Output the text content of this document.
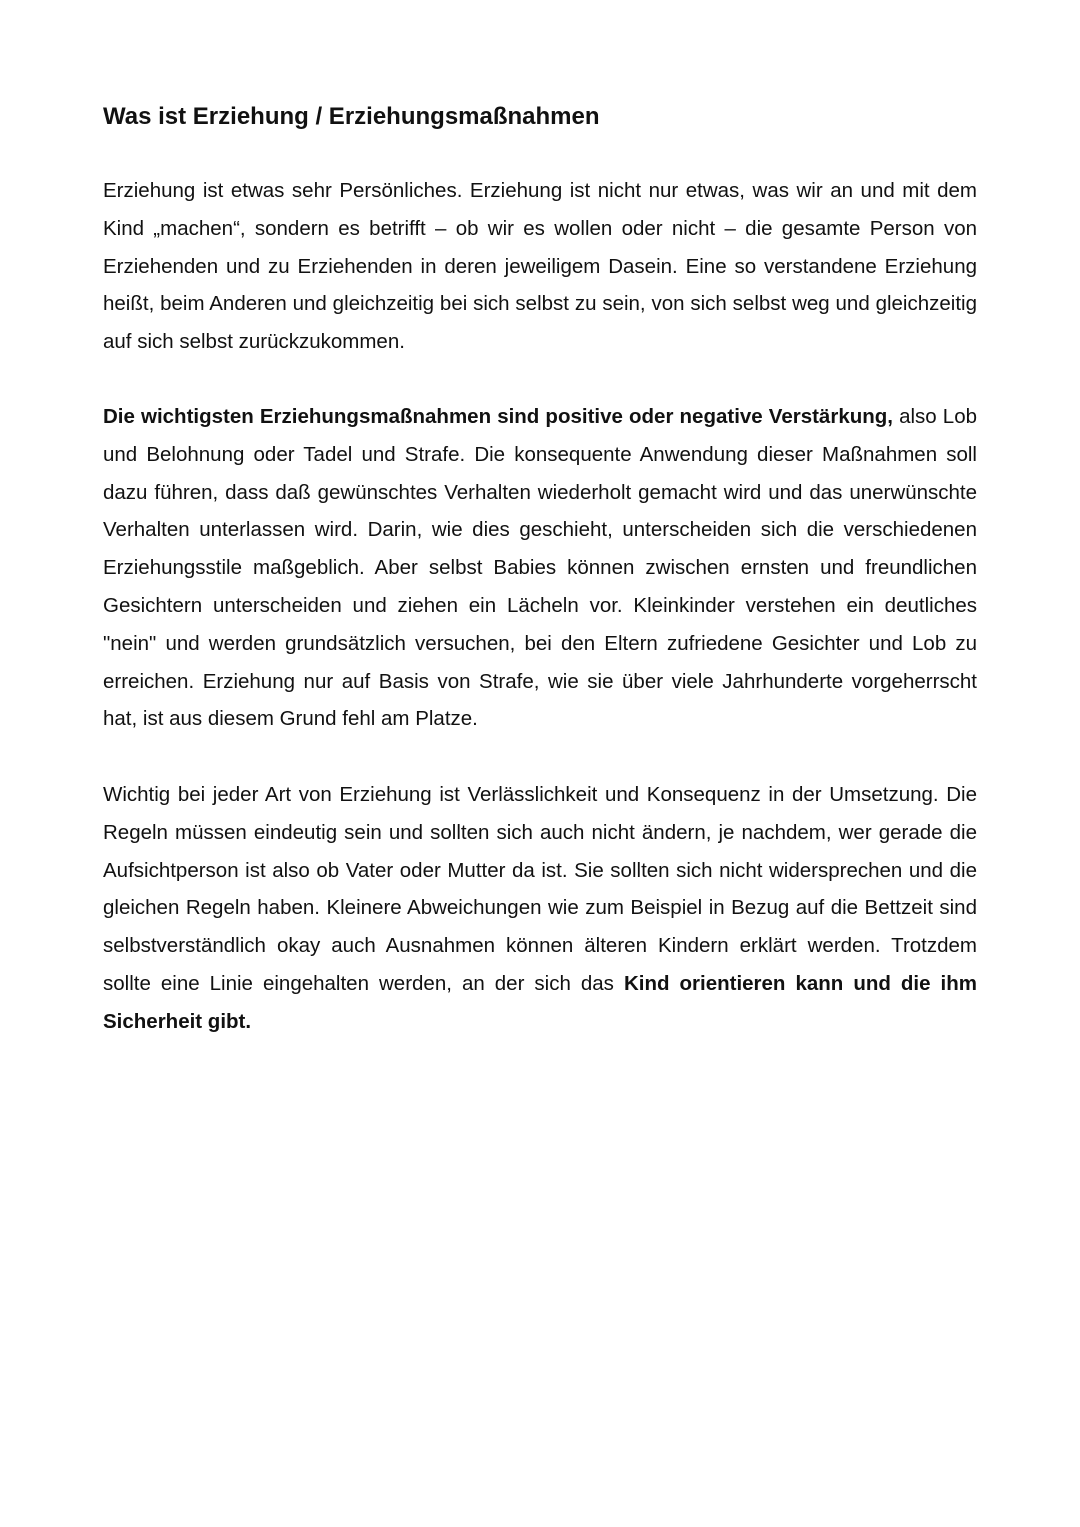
Was ist Erziehung / Erziehungsmaßnahmen

Erziehung ist etwas sehr Persönliches. Erziehung ist nicht nur etwas, was wir an und mit dem Kind „machen“, sondern es betrifft – ob wir es wollen oder nicht – die gesamte Person von Erziehenden und zu Erziehenden in deren jeweiligem Dasein. Eine so verstandene Erziehung heißt, beim Anderen und gleichzeitig bei sich selbst zu sein, von sich selbst weg und gleichzeitig auf sich selbst zurückzukommen.

Die wichtigsten Erziehungsmaßnahmen sind positive oder negative Verstärkung, also Lob und Belohnung oder Tadel und Strafe. Die konsequente Anwendung dieser Maßnahmen soll dazu führen, dass daß gewünschtes Verhalten wiederholt gemacht wird und das unerwünschte Verhalten unterlassen wird. Darin, wie dies geschieht, unterscheiden sich die verschiedenen Erziehungsstile maßgeblich. Aber selbst Babies können zwischen ernsten und freundlichen Gesichtern unterscheiden und ziehen ein Lächeln vor. Kleinkinder verstehen ein deutliches "nein" und werden grundsätzlich versuchen, bei den Eltern zufriedene Gesichter und Lob zu erreichen. Erziehung nur auf Basis von Strafe, wie sie über viele Jahrhunderte vorgeherrscht hat, ist aus diesem Grund fehl am Platze.

Wichtig bei jeder Art von Erziehung ist Verlässlichkeit und Konsequenz in der Umsetzung. Die Regeln müssen eindeutig sein und sollten sich auch nicht ändern, je nachdem, wer gerade die Aufsichtperson ist also ob Vater oder Mutter da ist. Sie sollten sich nicht widersprechen und die gleichen Regeln haben. Kleinere Abweichungen wie zum Beispiel in Bezug auf die Bettzeit sind selbstverständlich okay auch Ausnahmen können älteren Kindern erklärt werden. Trotzdem sollte eine Linie eingehalten werden, an der sich das Kind orientieren kann und die ihm Sicherheit gibt.
